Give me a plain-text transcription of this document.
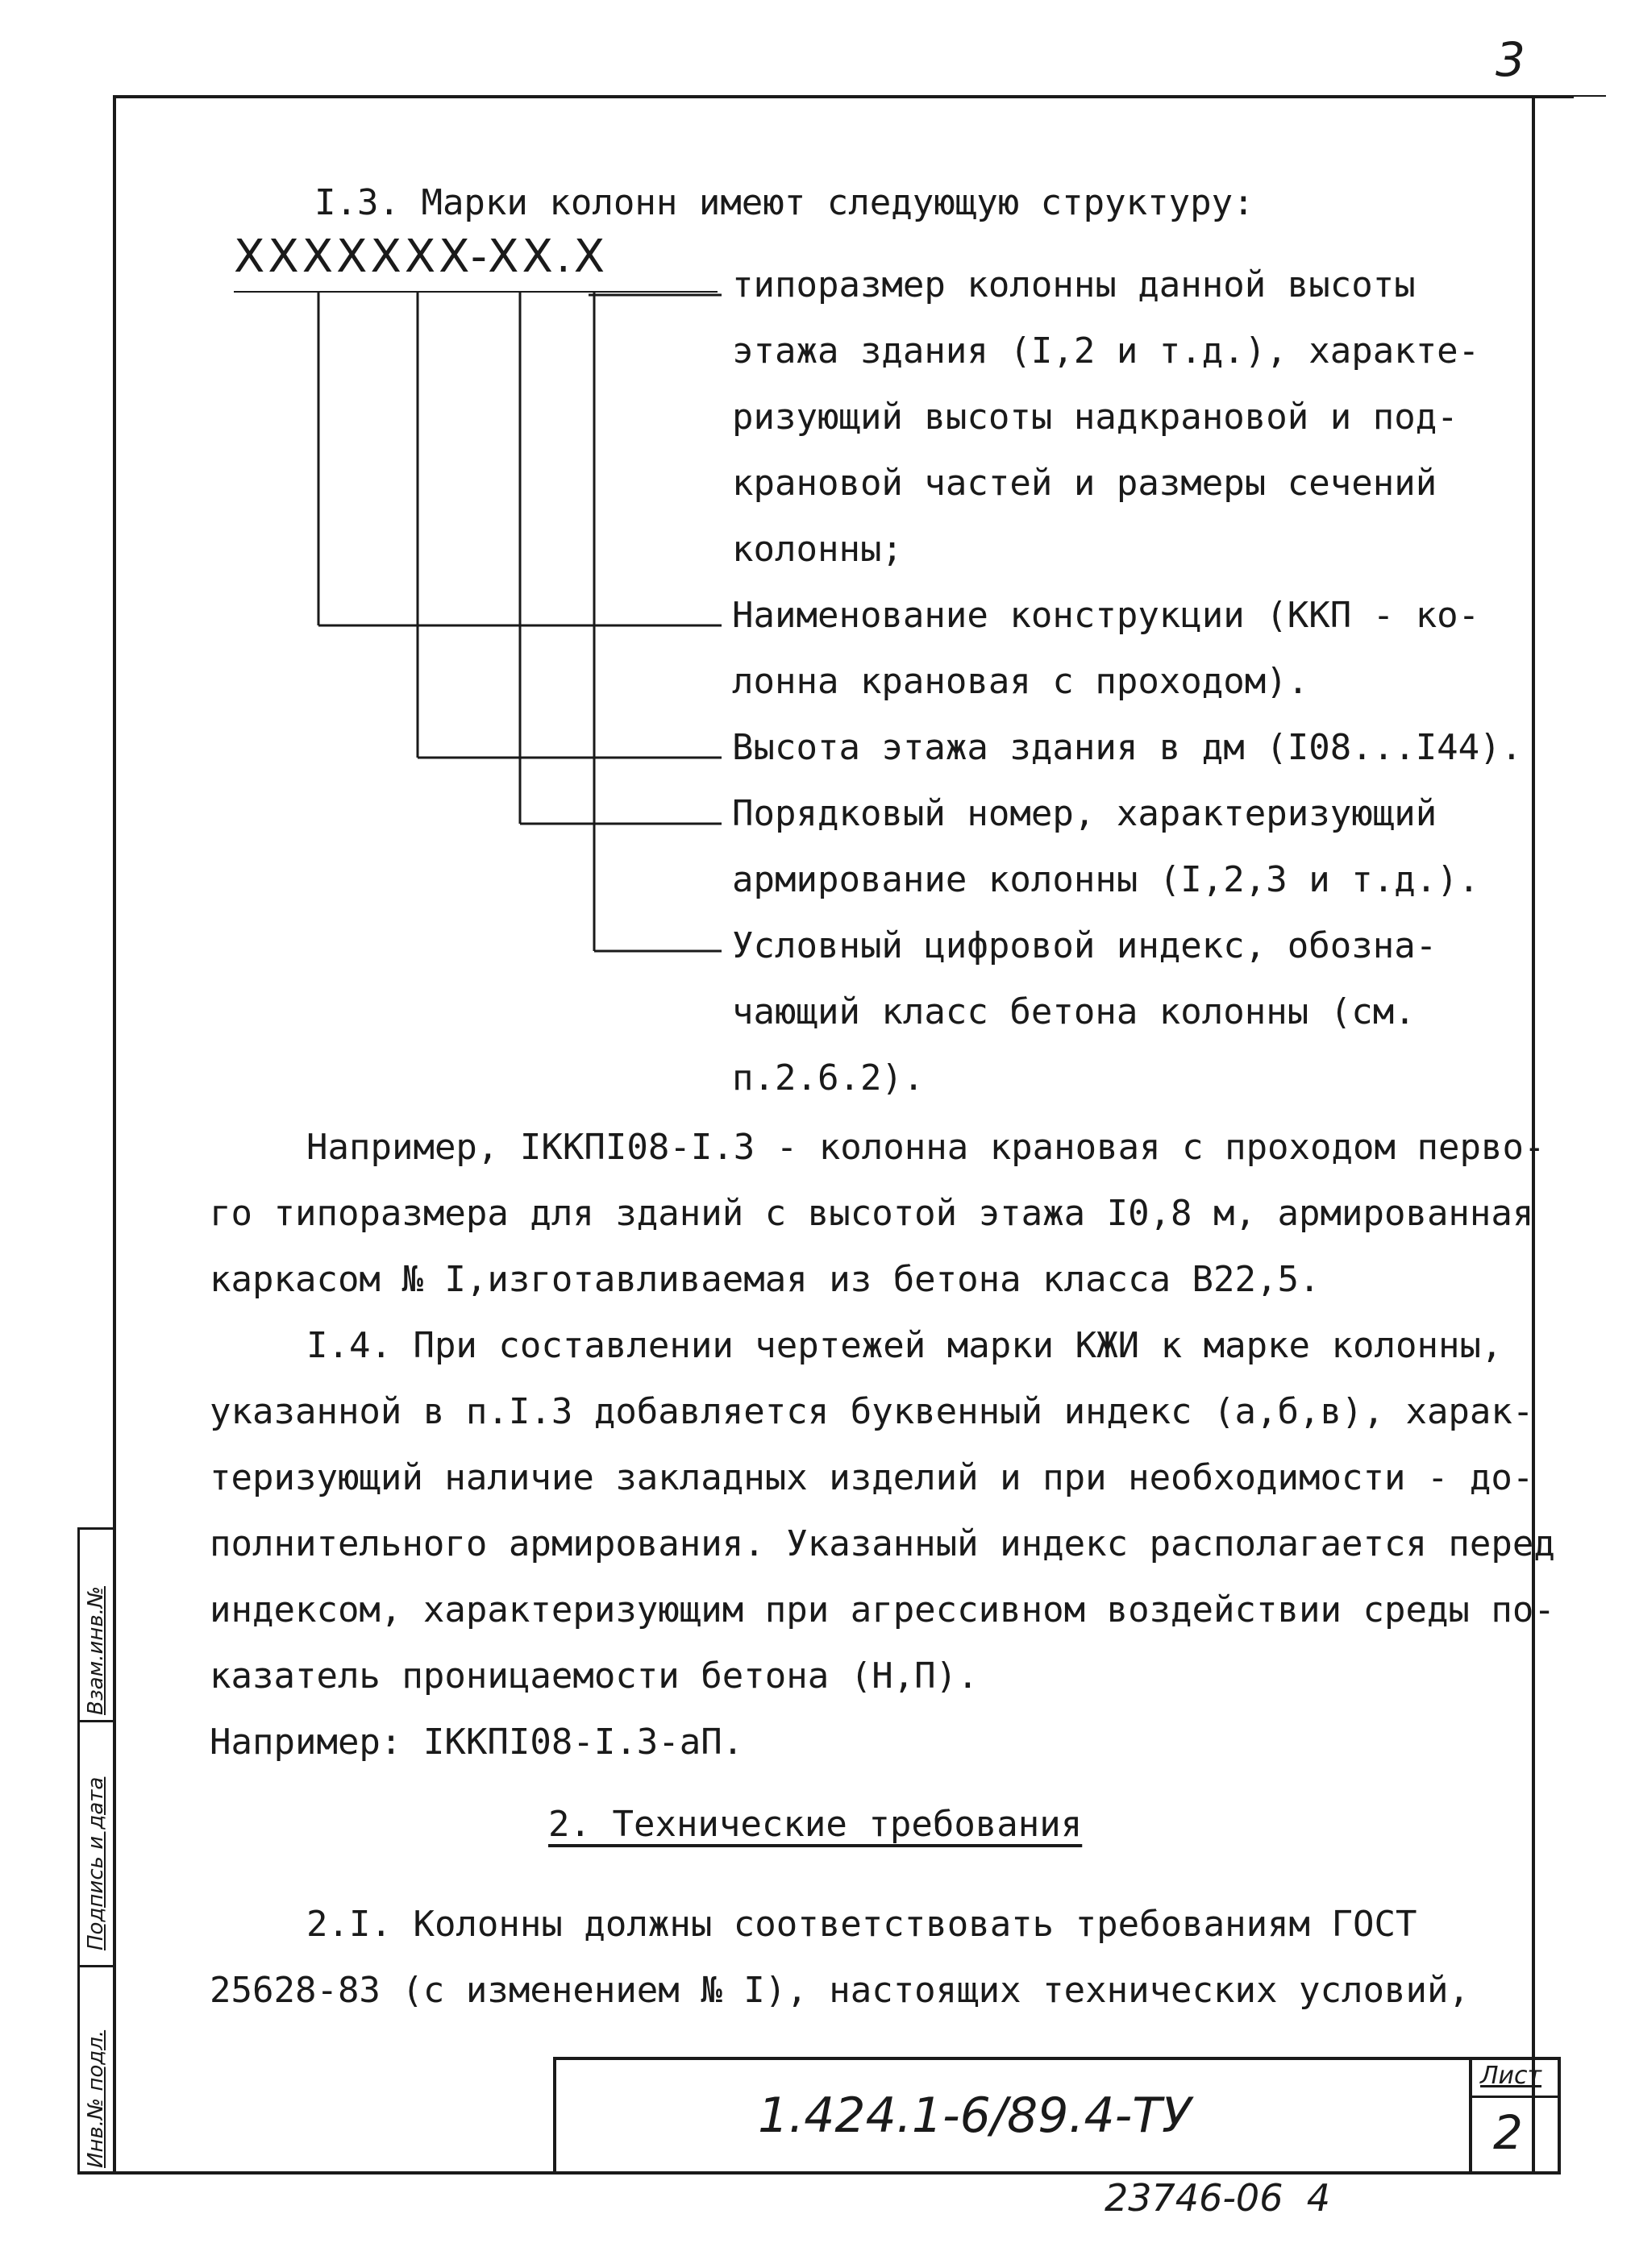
3
Взам.инв.№
Подпись и дата
Инв.№ подл.
I.3. Марки колонн имеют следующую структуру:
XXXXXXX-XX.X
типоразмер колонны данной высоты
этажа здания (I,2 и т.д.), характе-
ризующий высоты надкрановой и под-
крановой частей и размеры сечений
колонны;
Наименование конструкции (ККП - ко-
лонна крановая с проходом).
Высота этажа здания в дм (I08...I44).
Порядковый номер, характеризующий
армирование колонны (I,2,3 и т.д.).
Условный цифровой индекс, обозна-
чающий класс бетона колонны (см.
п.2.6.2).
Например, IККПI08-I.3 - колонна крановая с проходом перво-
го типоразмера для зданий с высотой этажа I0,8 м, армированная
каркасом № I,изготавливаемая из бетона класса В22,5.
I.4. При составлении чертежей марки КЖИ к марке колонны,
указанной в п.I.3 добавляется буквенный индекс (а,б,в), харак-
теризующий наличие закладных изделий и при необходимости - до-
полнительного армирования. Указанный индекс располагается перед
индексом, характеризующим при агрессивном воздействии среды по-
казатель проницаемости бетона (Н,П).
Например: IККПI08-I.3-аП.
2. Технические требования
2.I. Колонны должны соответствовать требованиям ГОСТ
25628-83 (с изменением № I), настоящих технических условий,
1.424.1-6/89.4-ТУ
Лист
2
23746-06  4
